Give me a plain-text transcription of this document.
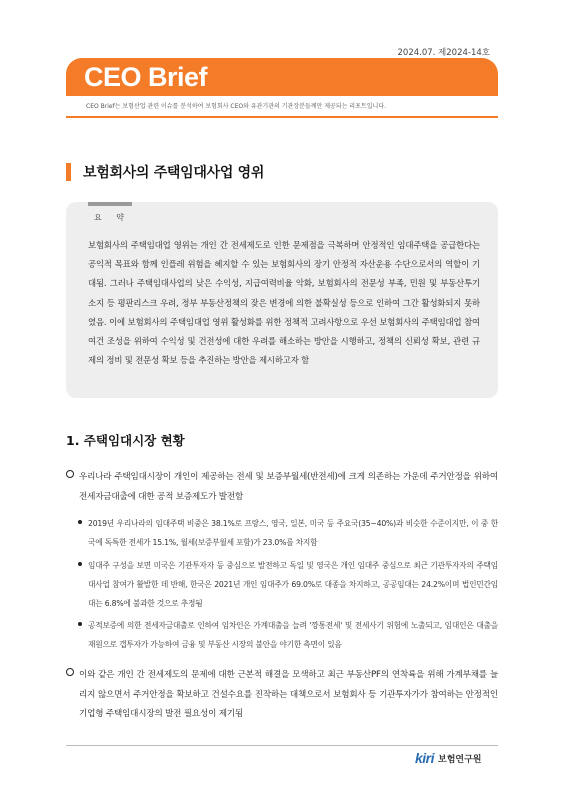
2024.07. 제2024-14호
CEO Brief
CEO Brief는 보험산업 관련 이슈를 분석하여 보험회사 CEO와 유관기관의 기관장분들께만 제공되는 리포트입니다.
보험회사의 주택임대사업 영위
요 약
보험회사의 주택임대업 영위는 개인 간 전세제도로 인한 문제점을 극복하며 안정적인 임대주택을 공급한다는 공익적 목표와 함께 인플레 위험을 헤지할 수 있는 보험회사의 장기 안정적 자산운용 수단으로서의 역할이 기대됨. 그러나 주택임대사업의 낮은 수익성, 지급여력비율 악화, 보험회사의 전문성 부족, 민원 및 부동산투기 소지 등 평판리스크 우려, 정부 부동산정책의 잦은 변경에 의한 불확실성 등으로 인하여 그간 활성화되지 못하였음. 이에 보험회사의 주택임대업 영위 활성화를 위한 정책적 고려사항으로 우선 보험회사의 주택임대업 참여 여건 조성을 위하여 수익성 및 건전성에 대한 우려를 해소하는 방안을 시행하고, 정책의 신뢰성 확보, 관련 규제의 정비 및 전문성 확보 등을 추진하는 방안을 제시하고자 함
1. 주택임대시장 현황
우리나라 주택임대시장이 개인이 제공하는 전세 및 보증부월세(반전세)에 크게 의존하는 가운데 주거안정을 위하여 전세자금대출에 대한 공적 보증제도가 발전함
2019년 우리나라의 임대주택 비중은 38.1%로 프랑스, 영국, 일본, 미국 등 주요국(35~40%)과 비슷한 수준이지만, 이 중 한국에 독특한 전세가 15.1%, 월세(보증부월세 포함)가 23.0%를 차지함
임대주 구성을 보면 미국은 기관투자자 등 중심으로 발전하고 독일 및 영국은 개인 임대주 중심으로 최근 기관투자자의 주택임대사업 참여가 활발한 데 반해, 한국은 2021년 개인 임대주가 69.0%로 대종을 차지하고, 공공임대는 24.2%이며 법인민간임대는 6.8%에 불과한 것으로 추정됨
공적보증에 의한 전세자금대출로 인하여 임차인은 가계대출을 늘려 '깡통전세' 및 전세사기 위험에 노출되고, 임대인은 대출을 재원으로 갭투자가 가능하여 금융 및 부동산 시장의 불안을 야기한 측면이 있음
이와 같은 개인 간 전세제도의 문제에 대한 근본적 해결을 모색하고 최근 부동산PF의 연착륙을 위해 가계부채를 늘리지 않으면서 주거안정을 확보하고 건설수요를 진작하는 대책으로서 보험회사 등 기관투자가가 참여하는 안정적인 기업형 주택임대시장의 발전 필요성이 제기됨
kiri 보험연구원
